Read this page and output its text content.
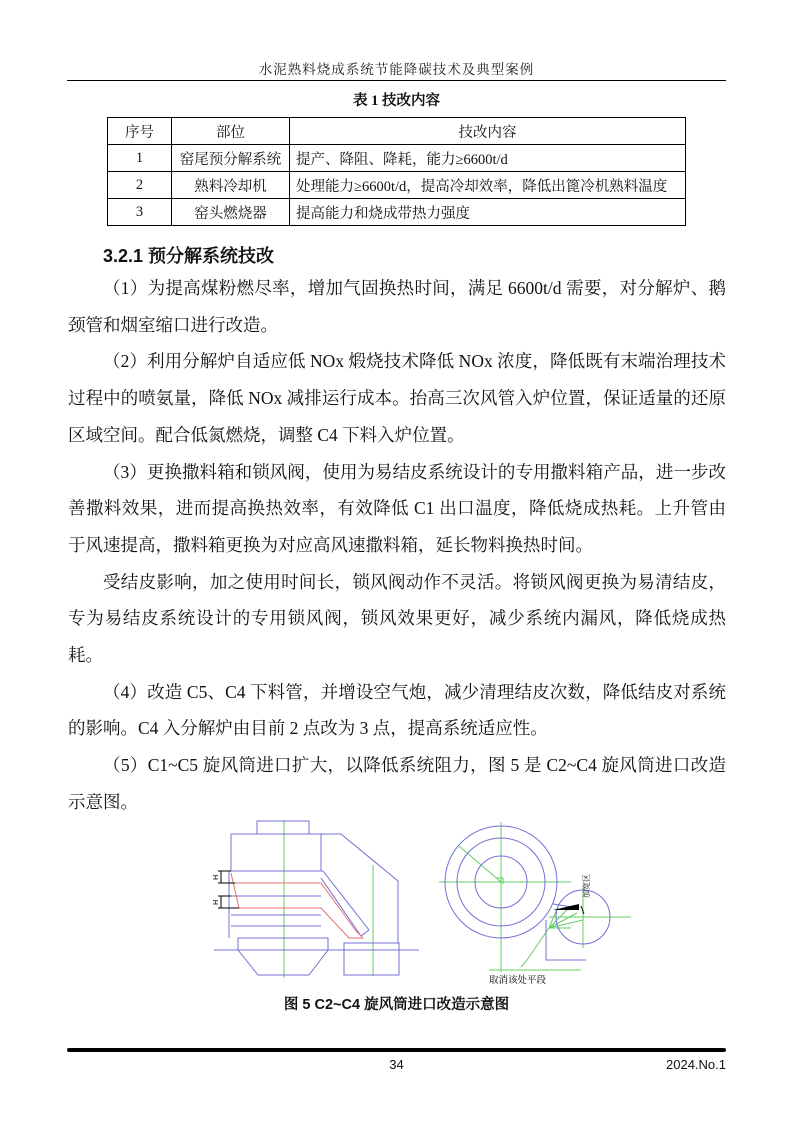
水泥熟料烧成系统节能降碳技术及典型案例
表 1 技改内容
序号	部位	技改内容
1	窑尾预分解系统	提产、降阻、降耗，能力≥6600t/d
2	熟料冷却机	处理能力≥6600t/d，提高冷却效率，降低出篦冷机熟料温度
3	窑头燃烧器	提高能力和烧成带热力强度
3.2.1 预分解系统技改

（1）为提高煤粉燃尽率，增加气固换热时间，满足 6600t/d 需要，对分解炉、鹅颈管和烟室缩口进行改造。

（2）利用分解炉自适应低 NOx 煅烧技术降低 NOx 浓度，降低既有末端治理技术过程中的喷氨量，降低 NOx 减排运行成本。抬高三次风管入炉位置，保证适量的还原区域空间。配合低氮燃烧，调整 C4 下料入炉位置。

（3）更换撒料箱和锁风阀，使用为易结皮系统设计的专用撒料箱产品，进一步改善撒料效果，进而提高换热效率，有效降低 C1 出口温度，降低烧成热耗。上升管由于风速提高，撒料箱更换为对应高风速撒料箱，延长物料换热时间。

受结皮影响，加之使用时间长，锁风阀动作不灵活。将锁风阀更换为易清结皮，专为易结皮系统设计的专用锁风阀，锁风效果更好，减少系统内漏风，降低烧成热耗。

（4）改造 C5、C4 下料管，并增设空气炮，减少清理结皮次数，降低结皮对系统的影响。C4 入分解炉由目前 2 点改为 3 点，提高系统适应性。

（5）C1~C5 旋风筒进口扩大，以降低系统阻力，图 5 是 C2~C4 旋风筒进口改造示意图。

H
H
加宽区
取消该处平段
图 5 C2~C4 旋风筒进口改造示意图
34	2024.No.1
